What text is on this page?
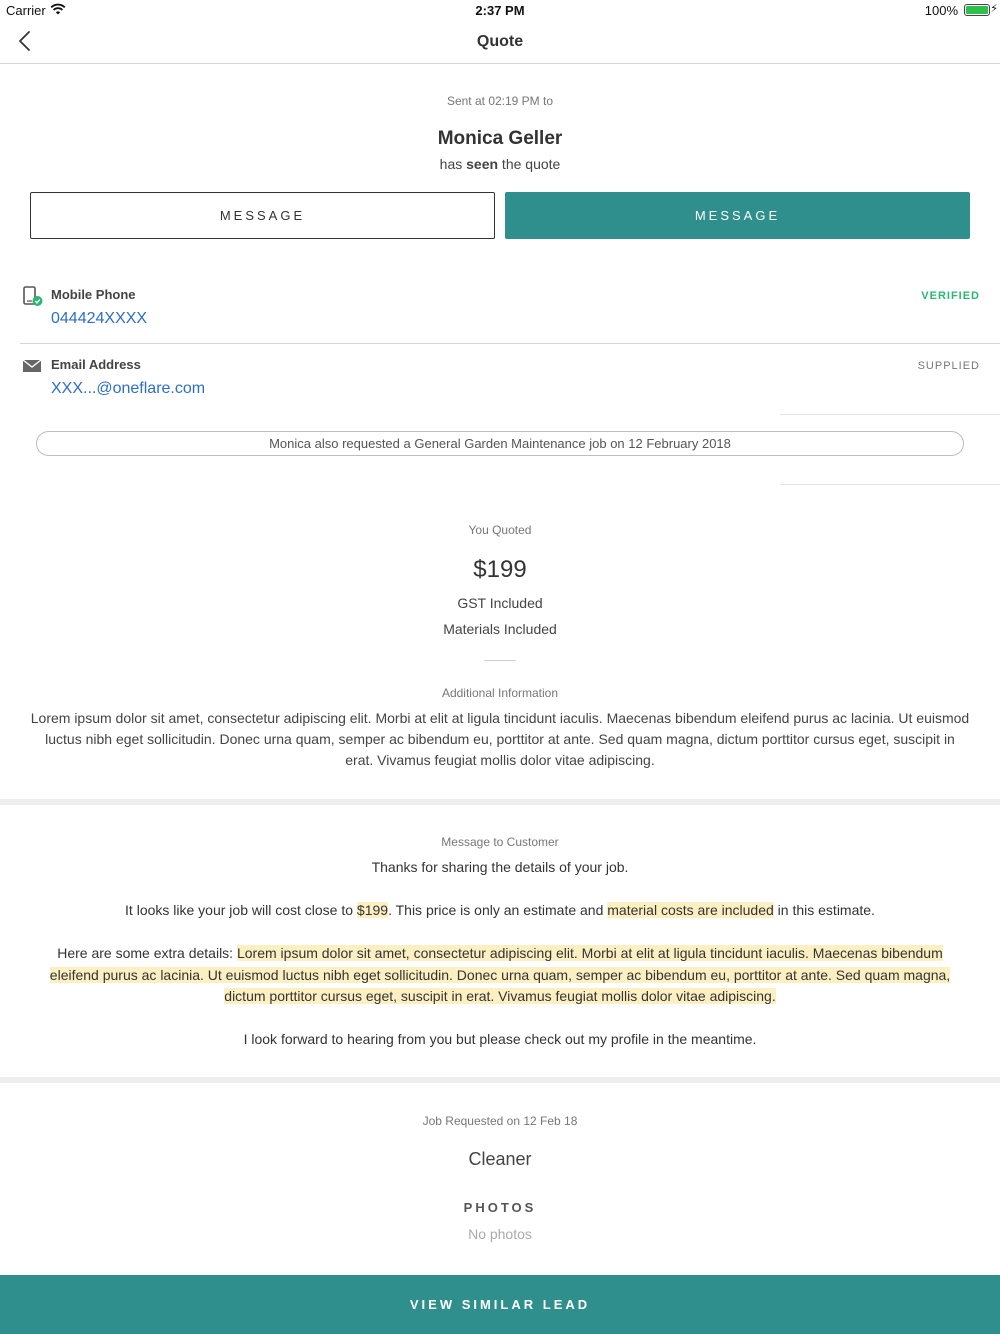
Carrier	2:37 PM	100%	⚡
Quote
Sent at 02:19 PM to
Monica Geller
has seen the quote
MESSAGE	MESSAGE
Mobile Phone
044424XXXX
VERIFIED
Email Address
XXX...@oneflare.com
SUPPLIED
Monica also requested a General Garden Maintenance job on 12 February 2018
You Quoted
$199
GST Included
Materials Included
Additional Information
Lorem ipsum dolor sit amet, consectetur adipiscing elit. Morbi at elit at ligula tincidunt iaculis. Maecenas bibendum eleifend purus ac lacinia. Ut euismod luctus nibh eget sollicitudin. Donec urna quam, semper ac bibendum eu, porttitor at ante. Sed quam magna, dictum porttitor cursus eget, suscipit in erat. Vivamus feugiat mollis dolor vitae adipiscing.
Message to Customer
Thanks for sharing the details of your job.
It looks like your job will cost close to $199. This price is only an estimate and material costs are included in this estimate.
Here are some extra details: Lorem ipsum dolor sit amet, consectetur adipiscing elit. Morbi at elit at ligula tincidunt iaculis. Maecenas bibendum eleifend purus ac lacinia. Ut euismod luctus nibh eget sollicitudin. Donec urna quam, semper ac bibendum eu, porttitor at ante. Sed quam magna, dictum porttitor cursus eget, suscipit in erat. Vivamus feugiat mollis dolor vitae adipiscing.
I look forward to hearing from you but please check out my profile in the meantime.
Job Requested on 12 Feb 18
Cleaner
PHOTOS
No photos
VIEW SIMILAR LEAD
